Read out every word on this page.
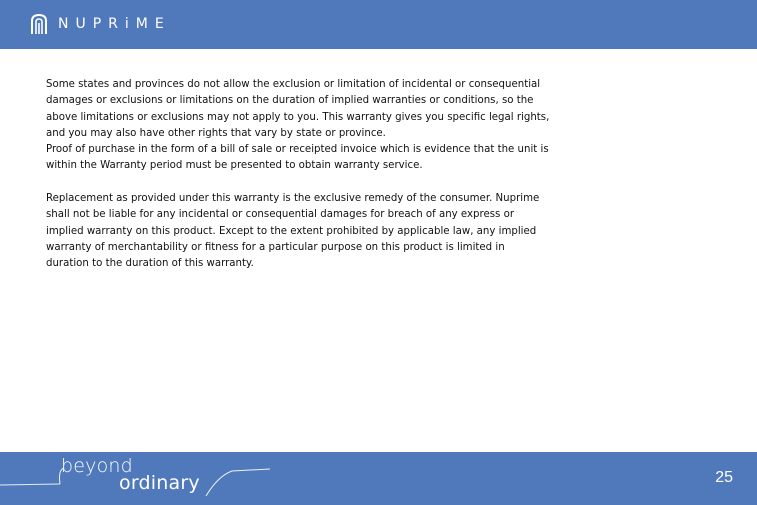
NUPRiME

Some states and provinces do not allow the exclusion or limitation of incidental or consequential

damages or exclusions or limitations on the duration of implied warranties or conditions, so the

above limitations or exclusions may not apply to you. This warranty gives you specific legal rights,

and you may also have other rights that vary by state or province.

Proof of purchase in the form of a bill of sale or receipted invoice which is evidence that the unit is

within the Warranty period must be presented to obtain warranty service.

Replacement as provided under this warranty is the exclusive remedy of the consumer. Nuprime

shall not be liable for any incidental or consequential damages for breach of any express or

implied warranty on this product. Except to the extent prohibited by applicable law, any implied

warranty of merchantability or fitness for a particular purpose on this product is limited in

duration to the duration of this warranty.

beyond
ordinary	25
